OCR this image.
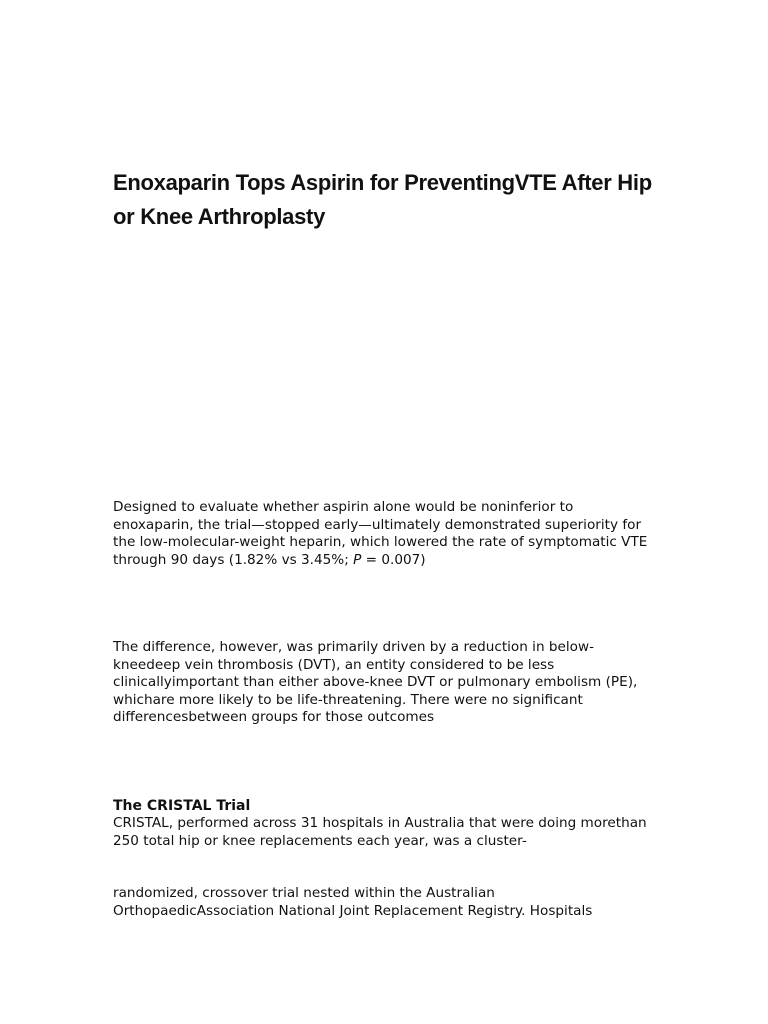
Enoxaparin Tops Aspirin for PreventingVTE After Hip or Knee Arthroplasty

Designed to evaluate whether aspirin alone would be noninferior to enoxaparin, the trial—stopped early—ultimately demonstrated superiority for the low-molecular-weight heparin, which lowered the rate of symptomatic VTE through 90 days (1.82% vs 3.45%; P = 0.007)

The difference, however, was primarily driven by a reduction in below-kneedeep vein thrombosis (DVT), an entity considered to be less clinicallyimportant than either above-knee DVT or pulmonary embolism (PE), whichare more likely to be life-threatening. There were no significant differencesbetween groups for those outcomes

The CRISTAL Trial

CRISTAL, performed across 31 hospitals in Australia that were doing morethan 250 total hip or knee replacements each year, was a cluster-

randomized, crossover trial nested within the Australian OrthopaedicAssociation National Joint Replacement Registry. Hospitals
